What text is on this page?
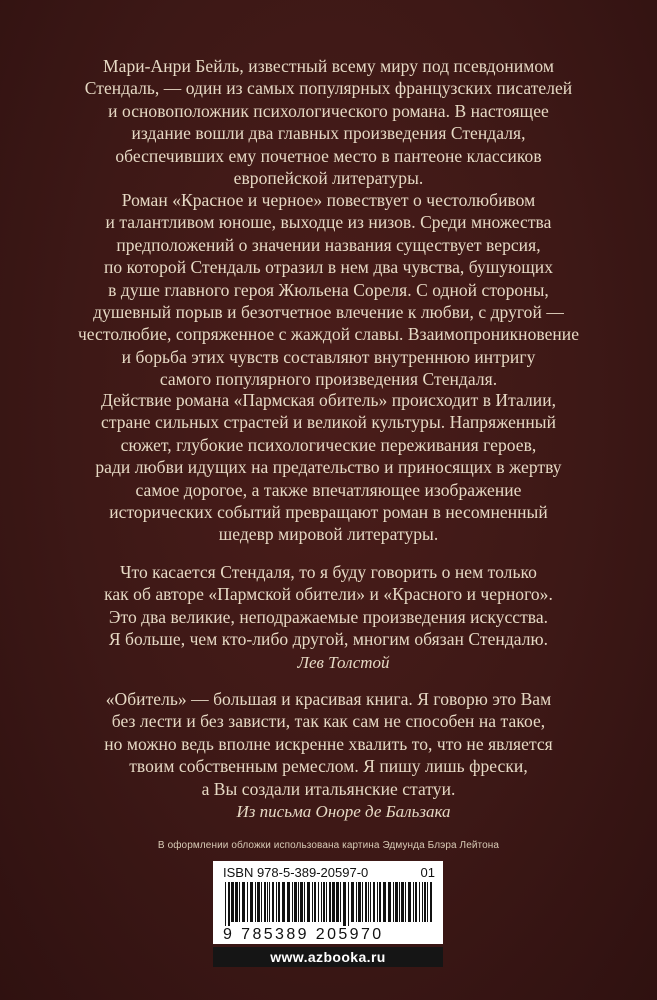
Мари-Анри Бейль, известный всему миру под псевдонимом
Стендаль, — один из самых популярных французских писателей
и основоположник психологического романа. В настоящее
издание вошли два главных произведения Стендаля,
обеспечивших ему почетное место в пантеоне классиков
европейской литературы.
Роман «Красное и черное» повествует о честолюбивом
и талантливом юноше, выходце из низов. Среди множества
предположений о значении названия существует версия,
по которой Стендаль отразил в нем два чувства, бушующих
в душе главного героя Жюльена Сореля. С одной стороны,
душевный порыв и безотчетное влечение к любви, с другой —
честолюбие, сопряженное с жаждой славы. Взаимопроникновение
и борьба этих чувств составляют внутреннюю интригу
самого популярного произведения Стендаля.
Действие романа «Пармская обитель» происходит в Италии,
стране сильных страстей и великой культуры. Напряженный
сюжет, глубокие психологические переживания героев,
ради любви идущих на предательство и приносящих в жертву
самое дорогое, а также впечатляющее изображение
исторических событий превращают роман в несомненный
шедевр мировой литературы.
Что касается Стендаля, то я буду говорить о нем только
как об авторе «Пармской обители» и «Красного и черного».
Это два великие, неподражаемые произведения искусства.
Я больше, чем кто-либо другой, многим обязан Стендалю.
Лев Толстой
«Обитель» — большая и красивая книга. Я говорю это Вам
без лести и без зависти, так как сам не способен на такое,
но можно ведь вполне искренне хвалить то, что не является
твоим собственным ремеслом. Я пишу лишь фрески,
а Вы создали итальянские статуи.
Из письма Оноре де Бальзака
В оформлении обложки использована картина Эдмунда Блэра Лейтона
ISBN 978-5-389-20597-0	01
9 785389 205970
www.azbooka.ru
